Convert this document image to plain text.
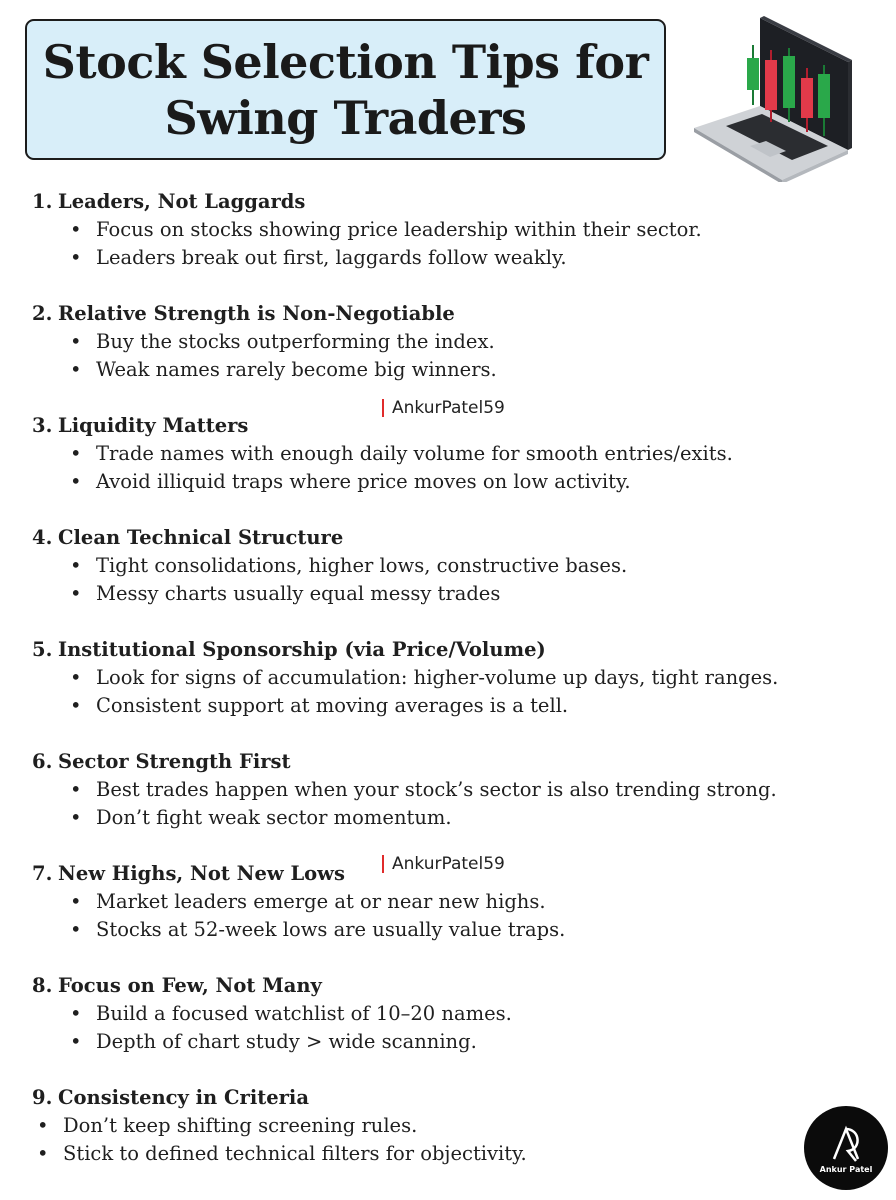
Stock Selection Tips for
Swing Traders
1. Leaders, Not Laggards
• Focus on stocks showing price leadership within their sector.
• Leaders break out first, laggards follow weakly.
2. Relative Strength is Non-Negotiable
• Buy the stocks outperforming the index.
• Weak names rarely become big winners.
AnkurPatel59
3. Liquidity Matters
• Trade names with enough daily volume for smooth entries/exits.
• Avoid illiquid traps where price moves on low activity.
4. Clean Technical Structure
• Tight consolidations, higher lows, constructive bases.
• Messy charts usually equal messy trades
5. Institutional Sponsorship (via Price/Volume)
• Look for signs of accumulation: higher-volume up days, tight ranges.
• Consistent support at moving averages is a tell.
6. Sector Strength First
• Best trades happen when your stock’s sector is also trending strong.
• Don’t fight weak sector momentum.
AnkurPatel59
7. New Highs, Not New Lows
• Market leaders emerge at or near new highs.
• Stocks at 52-week lows are usually value traps.
8. Focus on Few, Not Many
• Build a focused watchlist of 10–20 names.
• Depth of chart study > wide scanning.
9. Consistency in Criteria
• Don’t keep shifting screening rules.
• Stick to defined technical filters for objectivity.
Ankur Patel
